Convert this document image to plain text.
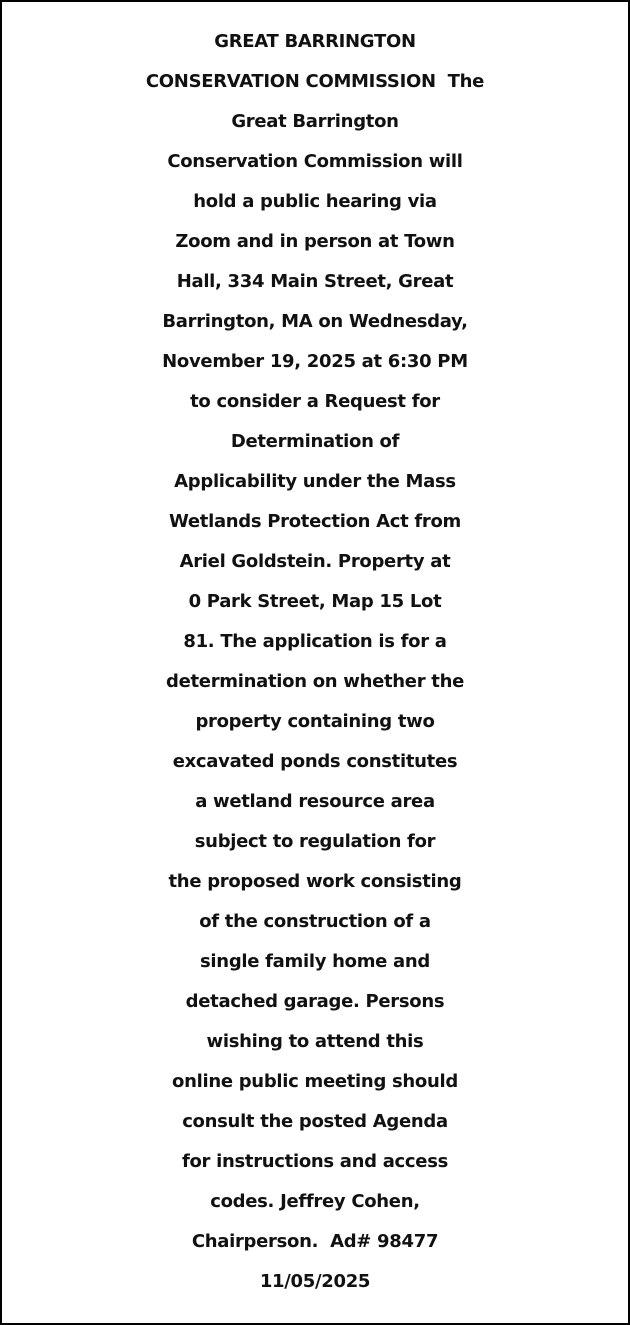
GREAT BARRINGTON
CONSERVATION COMMISSION  The
Great Barrington
Conservation Commission will
hold a public hearing via
Zoom and in person at Town
Hall, 334 Main Street, Great
Barrington, MA on Wednesday,
November 19, 2025 at 6:30 PM
to consider a Request for
Determination of
Applicability under the Mass
Wetlands Protection Act from
Ariel Goldstein. Property at
0 Park Street, Map 15 Lot
81. The application is for a
determination on whether the
property containing two
excavated ponds constitutes
a wetland resource area
subject to regulation for
the proposed work consisting
of the construction of a
single family home and
detached garage. Persons
wishing to attend this
online public meeting should
consult the posted Agenda
for instructions and access
codes. Jeffrey Cohen,
Chairperson.  Ad# 98477
11/05/2025
